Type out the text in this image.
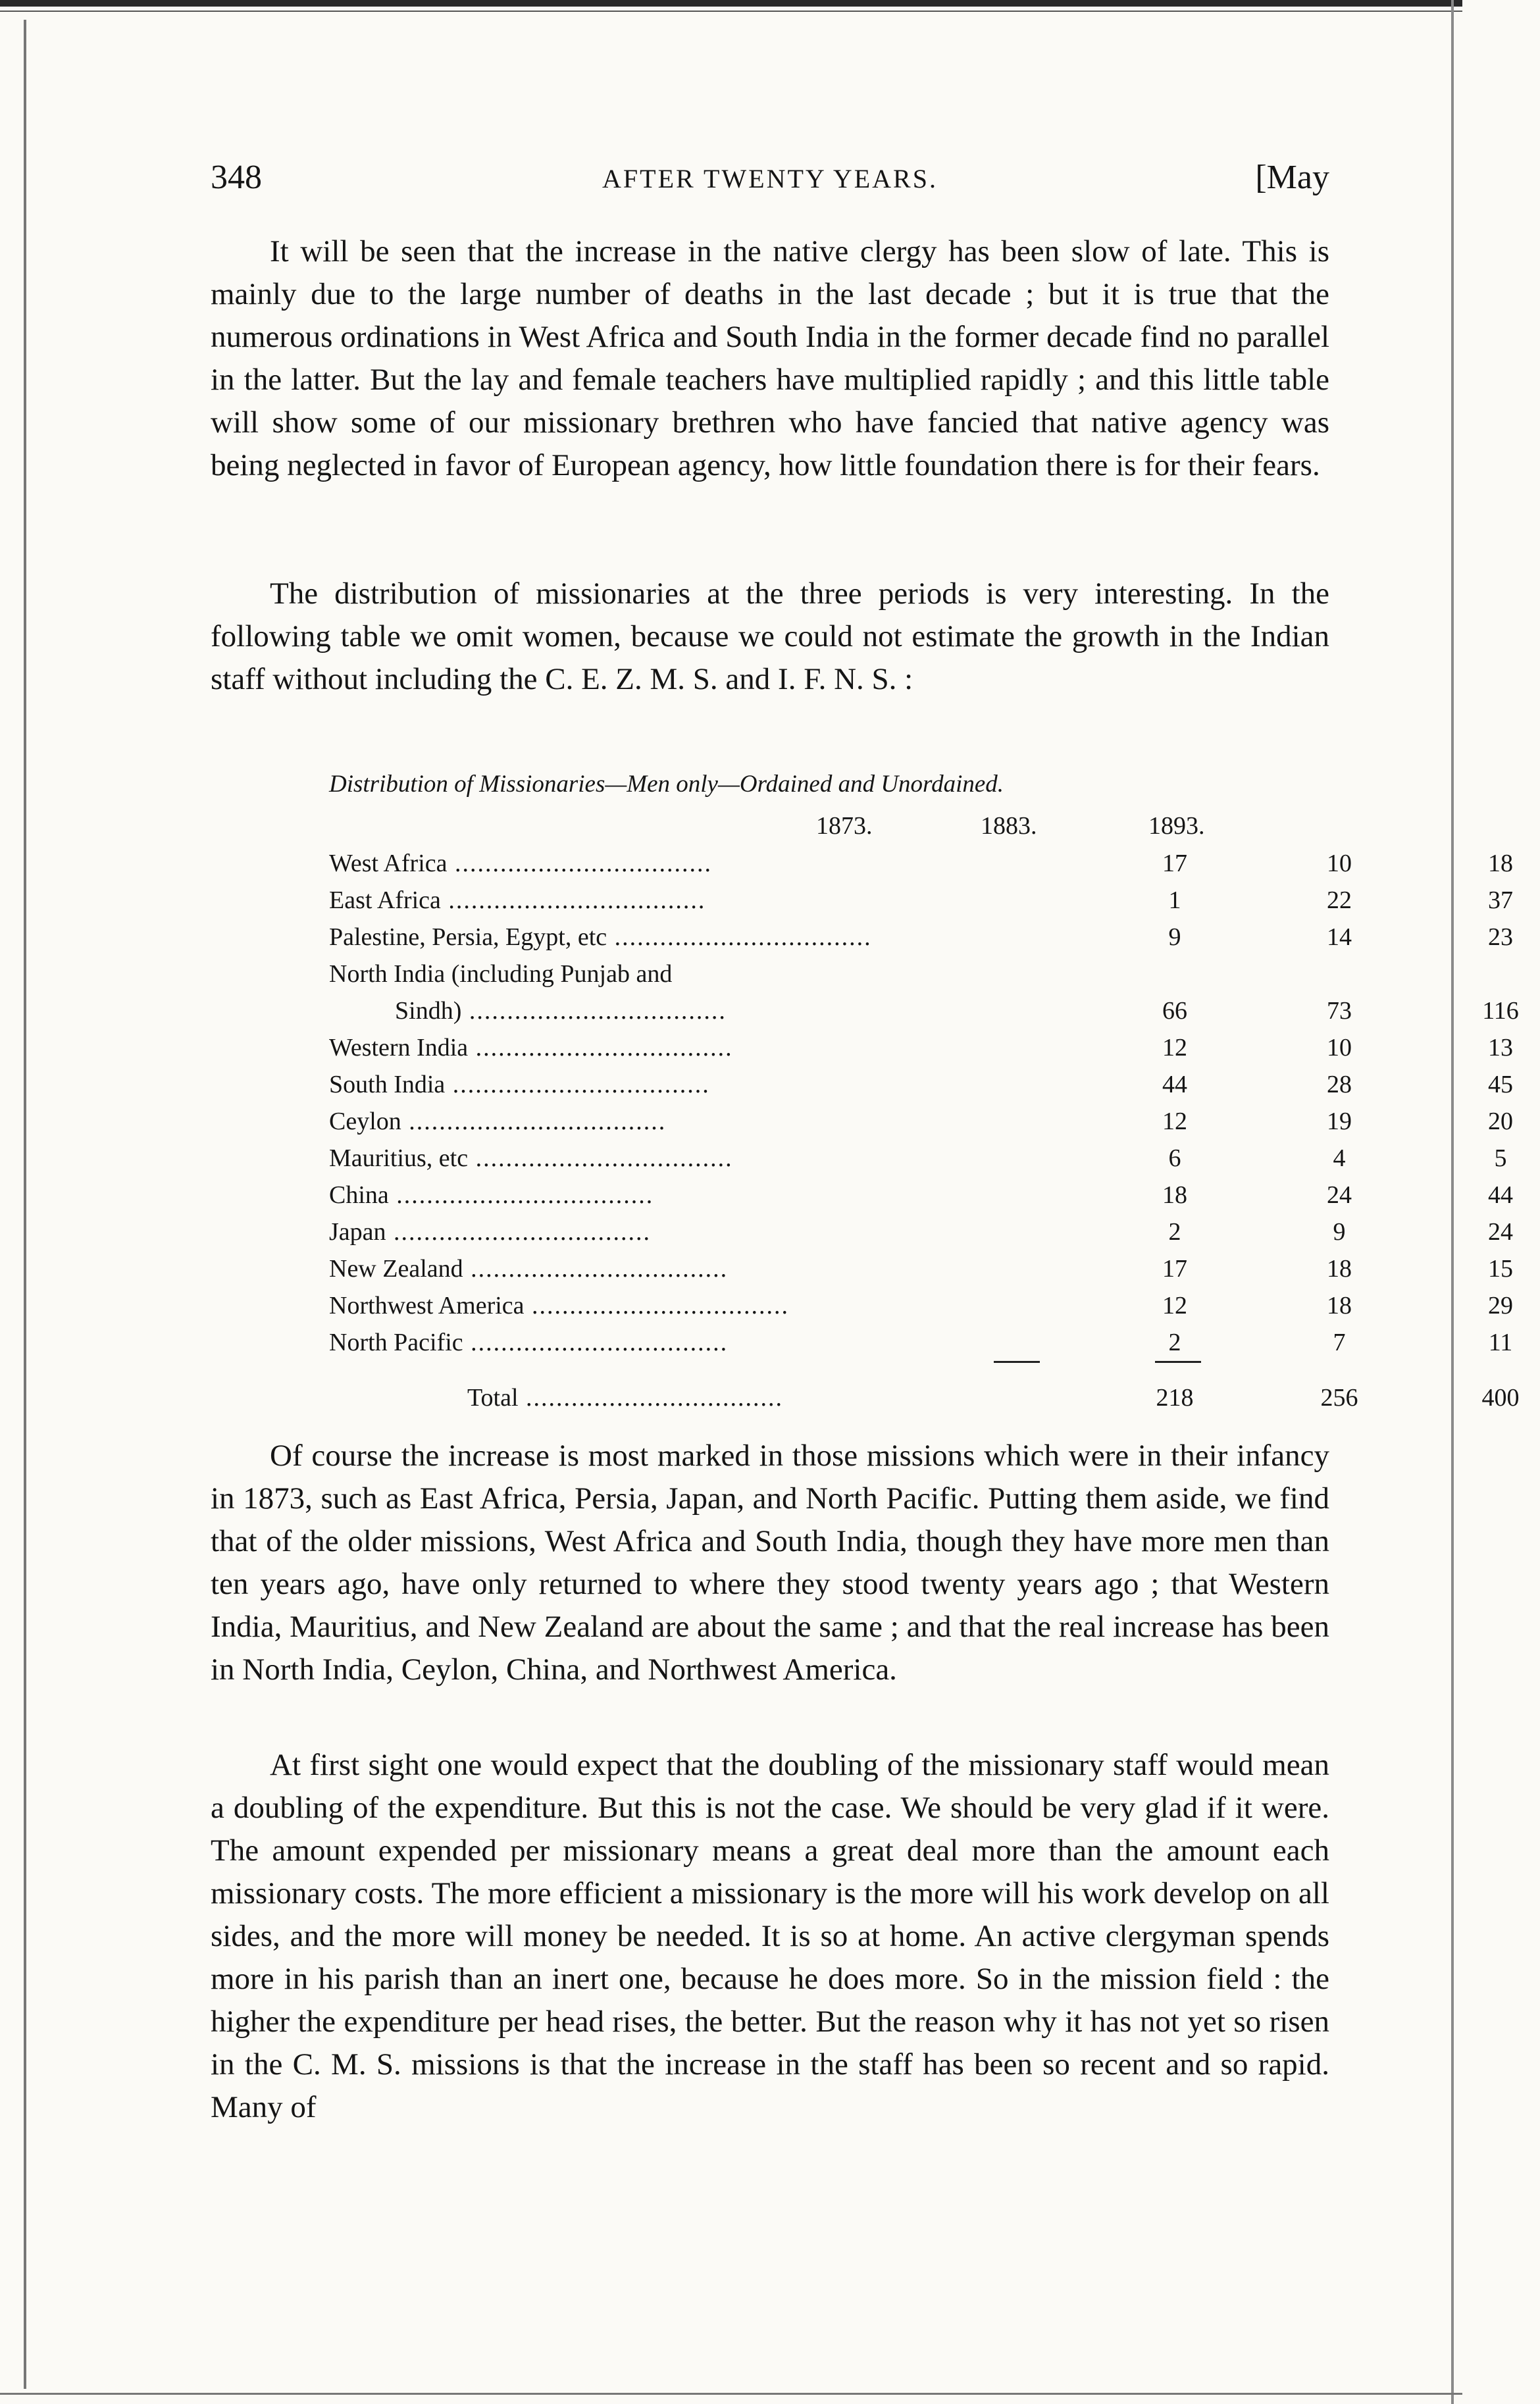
348	AFTER TWENTY YEARS.	[May

It will be seen that the increase in the native clergy has been slow of late. This is mainly due to the large number of deaths in the last decade ; but it is true that the numerous ordinations in West Africa and South India in the former decade find no parallel in the latter. But the lay and female teachers have multiplied rapidly ; and this little table will show some of our missionary brethren who have fancied that native agency was being neglected in favor of European agency, how little foundation there is for their fears.

The distribution of missionaries at the three periods is very interesting. In the following table we omit women, because we could not estimate the growth in the Indian staff without including the C. E. Z. M. S. and I. F. N. S. :

Distribution of Missionaries—Men only—Ordained and Unordained.
1873.	1883.	1893.
West Africa ..................................	17	10	18
East Africa ..................................	1	22	37
Palestine, Persia, Egypt, etc ..................................	9	14	23
North India (including Punjab and
Sindh) ..................................	66	73	116
Western India ..................................	12	10	13
South India ..................................	44	28	45
Ceylon ..................................	12	19	20
Mauritius, etc ..................................	6	4	5
China ..................................	18	24	44
Japan ..................................	2	9	24
New Zealand ..................................	17	18	15
Northwest America ..................................	12	18	29
North Pacific ..................................	2	7	11
Total ..................................	218	256	400

Of course the increase is most marked in those missions which were in their infancy in 1873, such as East Africa, Persia, Japan, and North Pacific. Putting them aside, we find that of the older missions, West Africa and South India, though they have more men than ten years ago, have only returned to where they stood twenty years ago ; that Western India, Mauritius, and New Zealand are about the same ; and that the real increase has been in North India, Ceylon, China, and Northwest America.

At first sight one would expect that the doubling of the missionary staff would mean a doubling of the expenditure. But this is not the case. We should be very glad if it were. The amount expended per missionary means a great deal more than the amount each missionary costs. The more efficient a missionary is the more will his work develop on all sides, and the more will money be needed. It is so at home. An active clergyman spends more in his parish than an inert one, because he does more. So in the mission field : the higher the expenditure per head rises, the better. But the reason why it has not yet so risen in the C. M. S. missions is that the increase in the staff has been so recent and so rapid. Many of
